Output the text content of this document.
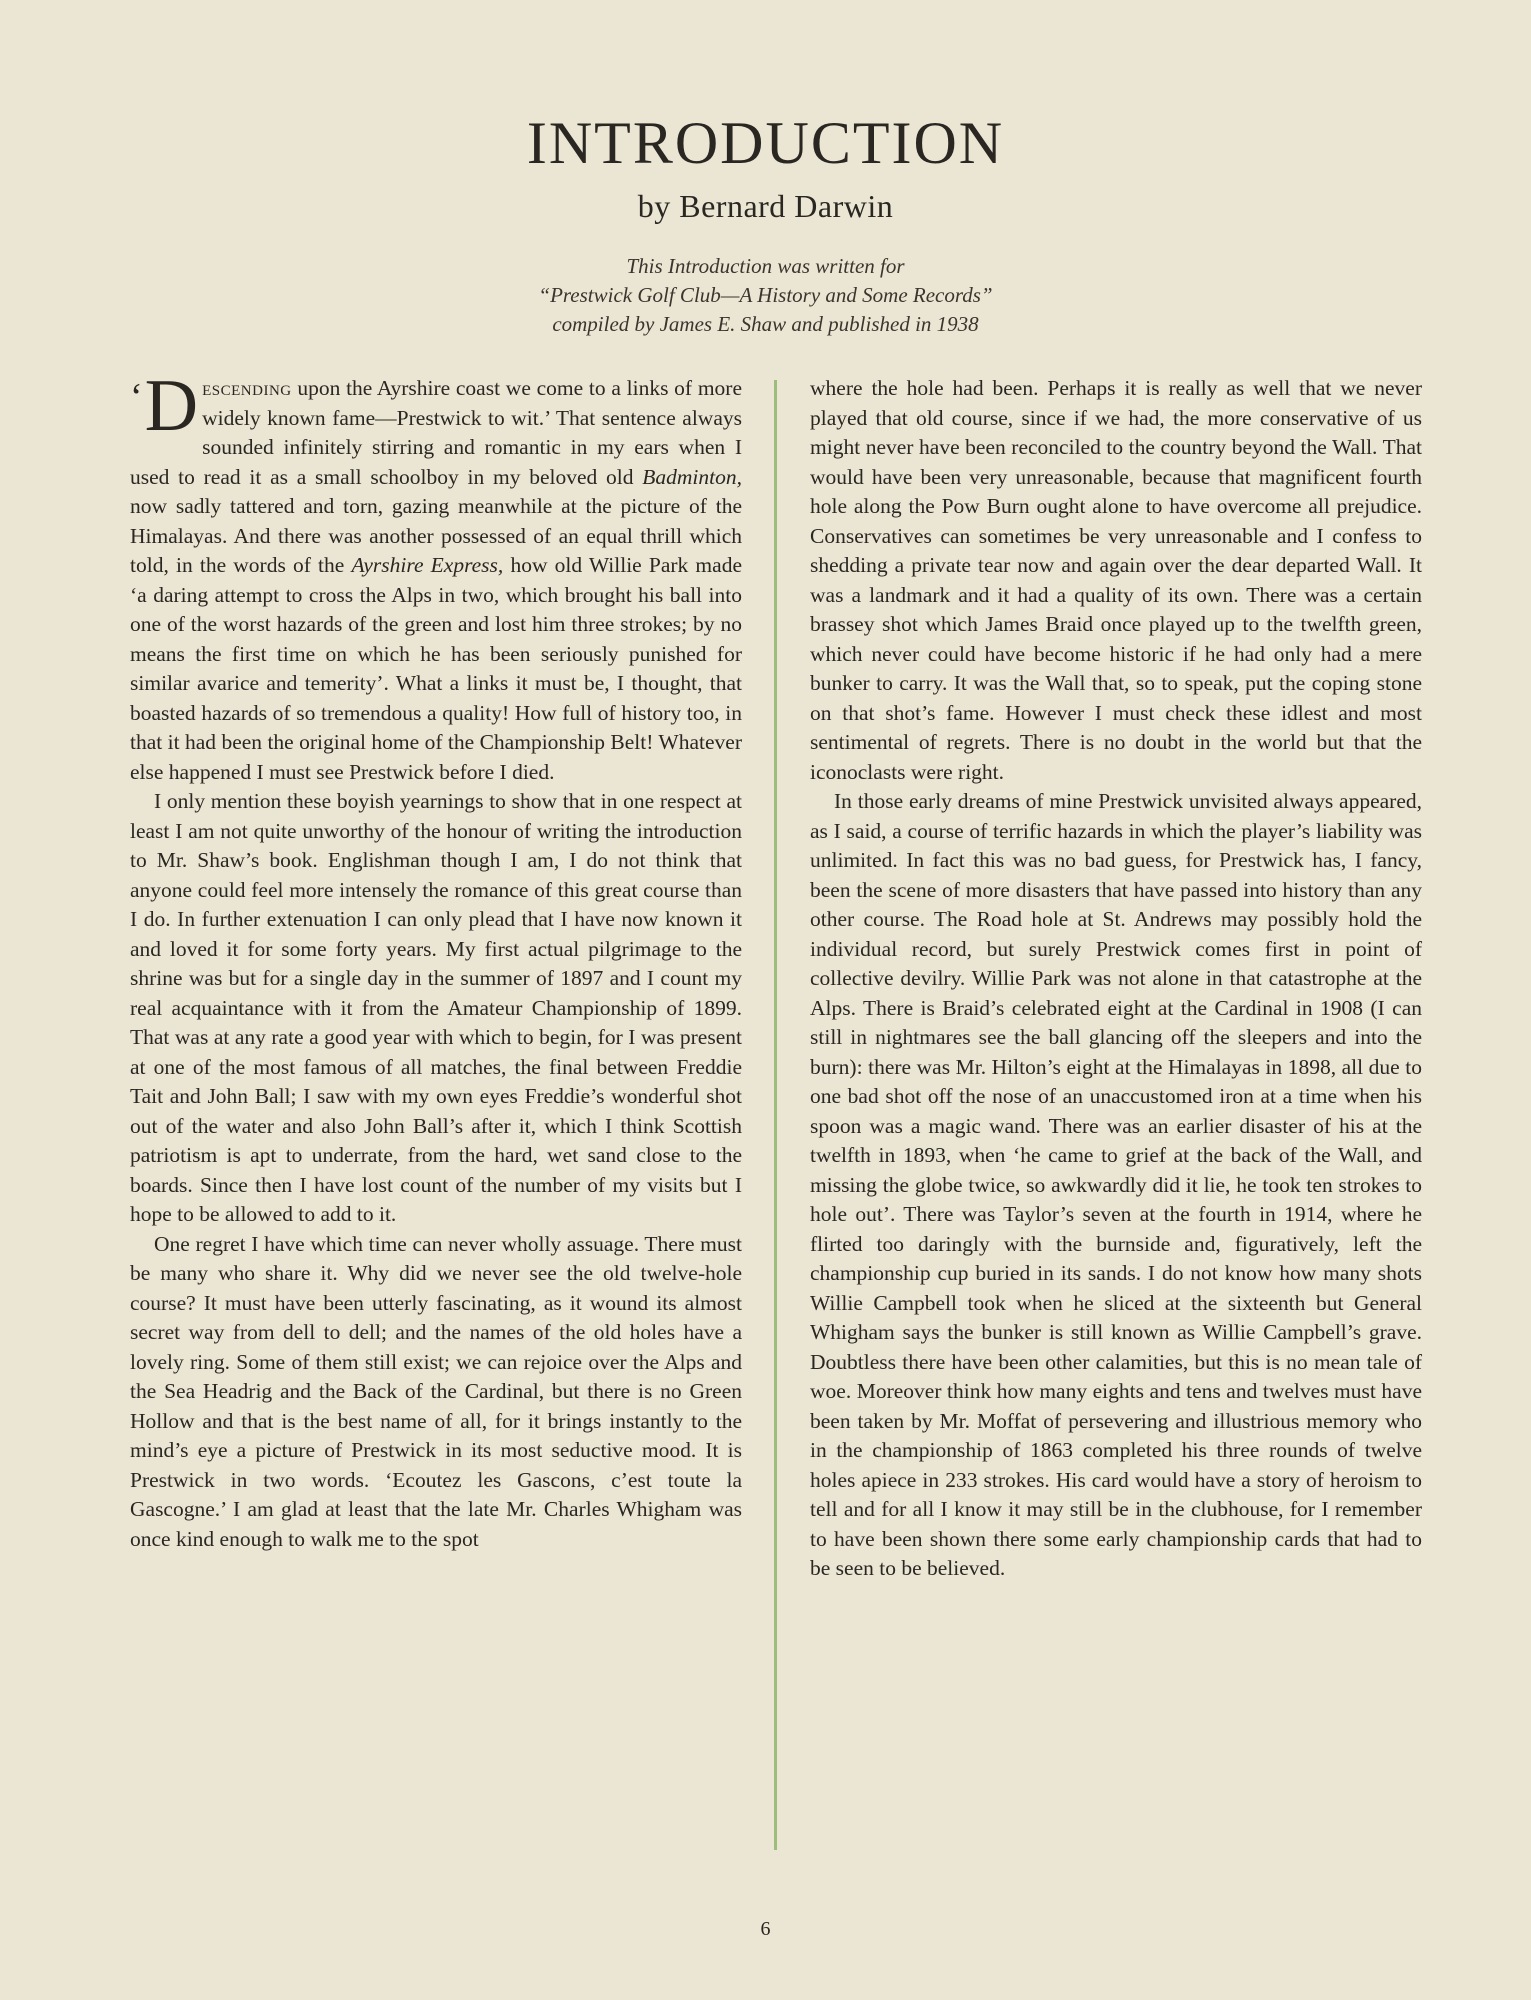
INTRODUCTION
by Bernard Darwin
This Introduction was written for
“Prestwick Golf Club—A History and Some Records”
compiled by James E. Shaw and published in 1938

‘ D escending upon the Ayrshire coast we come to a links of more widely known fame—Prestwick to wit.’ That sentence always sounded infinitely stirring and romantic in my ears when I used to read it as a small schoolboy in my beloved old Badminton, now sadly tattered and torn, gazing meanwhile at the picture of the Himalayas. And there was another possessed of an equal thrill which told, in the words of the Ayrshire Express, how old Willie Park made ‘a daring attempt to cross the Alps in two, which brought his ball into one of the worst hazards of the green and lost him three strokes; by no means the first time on which he has been seriously punished for similar avarice and temerity’. What a links it must be, I thought, that boasted hazards of so tremendous a quality! How full of history too, in that it had been the original home of the Championship Belt! Whatever else happened I must see Prestwick before I died.

I only mention these boyish yearnings to show that in one respect at least I am not quite unworthy of the honour of writing the introduction to Mr. Shaw’s book. Englishman though I am, I do not think that anyone could feel more intensely the romance of this great course than I do. In further extenuation I can only plead that I have now known it and loved it for some forty years. My first actual pilgrimage to the shrine was but for a single day in the summer of 1897 and I count my real acquaintance with it from the Amateur Championship of 1899. That was at any rate a good year with which to begin, for I was present at one of the most famous of all matches, the final between Freddie Tait and John Ball; I saw with my own eyes Freddie’s wonderful shot out of the water and also John Ball’s after it, which I think Scottish patriotism is apt to underrate, from the hard, wet sand close to the boards. Since then I have lost count of the number of my visits but I hope to be allowed to add to it.

One regret I have which time can never wholly assuage. There must be many who share it. Why did we never see the old twelve-hole course? It must have been utterly fascinating, as it wound its almost secret way from dell to dell; and the names of the old holes have a lovely ring. Some of them still exist; we can rejoice over the Alps and the Sea Headrig and the Back of the Cardinal, but there is no Green Hollow and that is the best name of all, for it brings instantly to the mind’s eye a picture of Prestwick in its most seductive mood. It is Prestwick in two words. ‘Ecoutez les Gascons, c’est toute la Gascogne.’ I am glad at least that the late Mr. Charles Whigham was once kind enough to walk me to the spot

where the hole had been. Perhaps it is really as well that we never played that old course, since if we had, the more conservative of us might never have been reconciled to the country beyond the Wall. That would have been very unreasonable, because that magnificent fourth hole along the Pow Burn ought alone to have overcome all prejudice. Conservatives can sometimes be very unreasonable and I confess to shedding a private tear now and again over the dear departed Wall. It was a landmark and it had a quality of its own. There was a certain brassey shot which James Braid once played up to the twelfth green, which never could have become historic if he had only had a mere bunker to carry. It was the Wall that, so to speak, put the coping stone on that shot’s fame. However I must check these idlest and most sentimental of regrets. There is no doubt in the world but that the iconoclasts were right.

In those early dreams of mine Prestwick unvisited always appeared, as I said, a course of terrific hazards in which the player’s liability was unlimited. In fact this was no bad guess, for Prestwick has, I fancy, been the scene of more disasters that have passed into history than any other course. The Road hole at St. Andrews may possibly hold the individual record, but surely Prestwick comes first in point of collective devilry. Willie Park was not alone in that catastrophe at the Alps. There is Braid’s celebrated eight at the Cardinal in 1908 (I can still in nightmares see the ball glancing off the sleepers and into the burn): there was Mr. Hilton’s eight at the Himalayas in 1898, all due to one bad shot off the nose of an unaccustomed iron at a time when his spoon was a magic wand. There was an earlier disaster of his at the twelfth in 1893, when ‘he came to grief at the back of the Wall, and missing the globe twice, so awkwardly did it lie, he took ten strokes to hole out’. There was Taylor’s seven at the fourth in 1914, where he flirted too daringly with the burnside and, figuratively, left the championship cup buried in its sands. I do not know how many shots Willie Campbell took when he sliced at the sixteenth but General Whigham says the bunker is still known as Willie Campbell’s grave. Doubtless there have been other calamities, but this is no mean tale of woe. Moreover think how many eights and tens and twelves must have been taken by Mr. Moffat of persevering and illustrious memory who in the championship of 1863 completed his three rounds of twelve holes apiece in 233 strokes. His card would have a story of heroism to tell and for all I know it may still be in the clubhouse, for I remember to have been shown there some early championship cards that had to be seen to be believed.

6
